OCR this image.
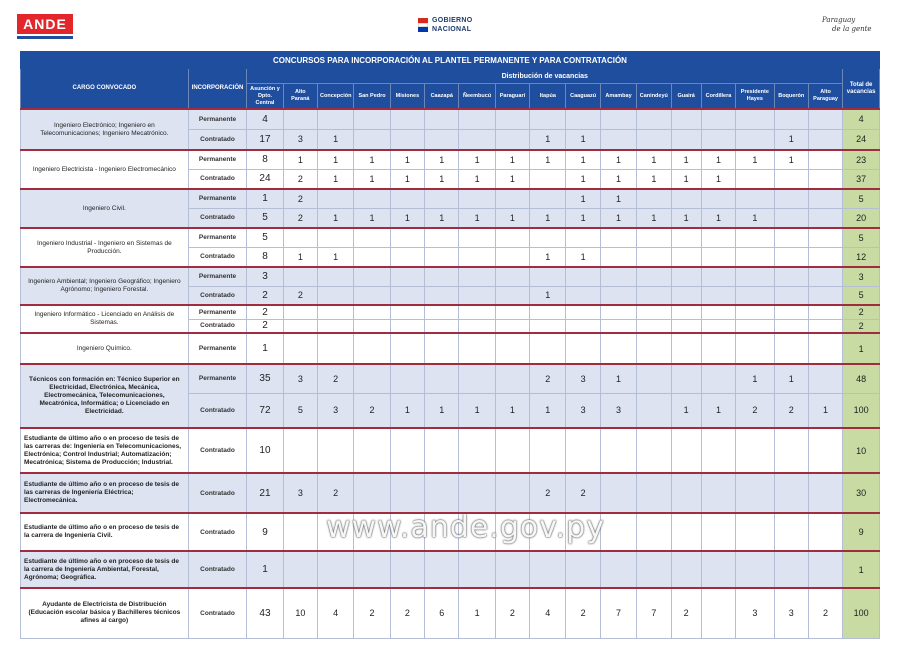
ANDE	GOBIERNO
NACIONAL
Paraguay
de la gente
CONCURSOS PARA INCORPORACIÓN AL PLANTEL PERMANENTE Y PARA CONTRATACIÓN																			
CARGO CONVOCADO	INCORPORACIÓN	Distribución de vacancias																	Total de vacancias
		Asunción y Dpto. Central	Alto Paraná	Concepción	San Pedro	Misiones	Caazapá	Ñeembucú	Paraguarí	Itapúa	Caaguazú	Amambay	Canindeyú	Guairá	Cordillera	Presidente Hayes	Boquerón	Alto Paraguay	
Ingeniero Electrónico; Ingeniero en Telecomunicaciones; Ingeniero Mecatrónico.	Permanente	4																	4
	Contratado	17	3	1						1	1						1		24
Ingeniero Electricista - Ingeniero Electromecánico	Permanente	8	1	1	1	1	1	1	1	1	1	1	1	1	1	1	1		23
	Contratado	24	2	1	1	1	1	1	1		1	1	1	1	1				37
Ingeniero Civil.	Permanente	1	2								1	1							5
	Contratado	5	2	1	1	1	1	1	1	1	1	1	1	1	1	1			20
Ingeniero Industrial - Ingeniero en Sistemas de Producción.	Permanente	5																	5
	Contratado	8	1	1						1	1								12
Ingeniero Ambiental; Ingeniero Geográfico; Ingeniero Agrónomo; Ingeniero Forestal.	Permanente	3																	3
	Contratado	2	2							1									5
Ingeniero Informático - Licenciado en Análisis de Sistemas.	Permanente	2																	2
	Contratado	2																	2
Ingeniero Químico.	Permanente	1																	1
Técnicos con formación en: Técnico Superior en Electricidad, Electrónica, Mecánica, Electromecánica, Telecomunicaciones, Mecatrónica, Informática; o Licenciado en Electricidad.	Permanente	35	3	2						2	3	1				1	1		48
	Contratado	72	5	3	2	1	1	1	1	1	3	3		1	1	2	2	1	100
Estudiante de último año o en proceso de tesis de las carreras de: Ingeniería en Telecomunicaciones, Electrónica; Control Industrial; Automatización; Mecatrónica; Sistema de Producción; Industrial.	Contratado	10																	10
Estudiante de último año o en proceso de tesis de las carreras de Ingeniería Eléctrica; Electromecánica.	Contratado	21	3	2						2	2								30
Estudiante de último año o en proceso de tesis de la carrera de Ingeniería Civil.	Contratado	9																	9
Estudiante de último año o en proceso de tesis de la carrera de Ingeniería Ambiental, Forestal, Agrónoma; Geográfica.	Contratado	1																	1
Ayudante de Electricista de Distribución (Educación escolar básica y Bachilleres técnicos afines al cargo)	Contratado	43	10	4	2	2	6	1	2	4	2	7	7	2		3	3	2	100
www.ande.gov.py
